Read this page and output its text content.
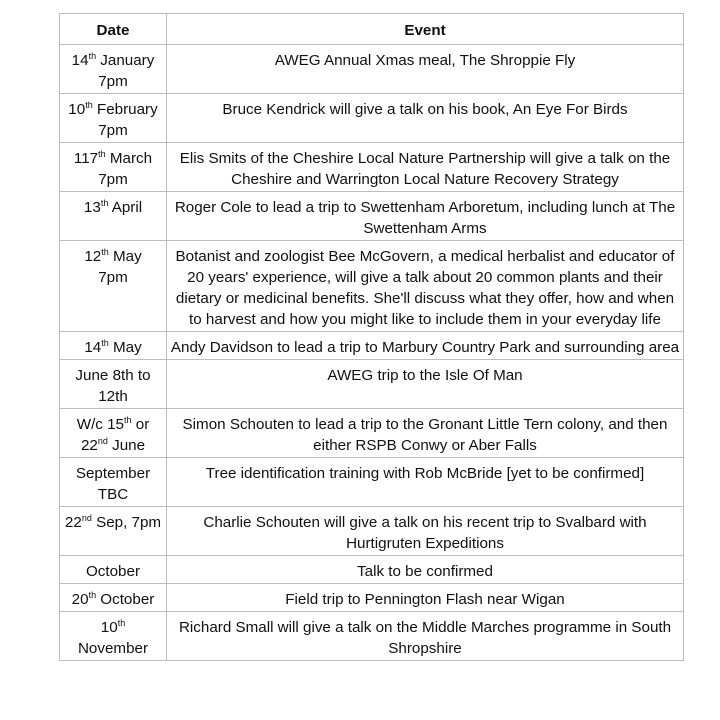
Date	Event
14th January
7pm	AWEG Annual Xmas meal, The Shroppie Fly
10th February
7pm	Bruce Kendrick will give a talk on his book, An Eye For Birds
117th March
7pm	Elis Smits of the Cheshire Local Nature Partnership will give a talk on the Cheshire and Warrington Local Nature Recovery Strategy
13th April	Roger Cole to lead a trip to Swettenham Arboretum, including lunch at The Swettenham Arms
12th May
7pm	Botanist and zoologist Bee McGovern, a medical herbalist and educator of 20 years' experience, will give a talk about 20 common plants and their dietary or medicinal benefits. She'll discuss what they offer, how and when to harvest and how you might like to include them in your everyday life
14th May	Andy Davidson to lead a trip to Marbury Country Park and surrounding area
June 8th to
12th	AWEG trip to the Isle Of Man
W/c 15th or
22nd June	Simon Schouten to lead a trip to the Gronant Little Tern colony, and then either RSPB Conwy or Aber Falls
September
TBC	Tree identification training with Rob McBride [yet to be confirmed]
22nd Sep, 7pm	Charlie Schouten will give a talk on his recent trip to Svalbard with Hurtigruten Expeditions
October	Talk to be confirmed
20th October	Field trip to Pennington Flash near Wigan
10th
November	Richard Small will give a talk on the Middle Marches programme in South Shropshire
